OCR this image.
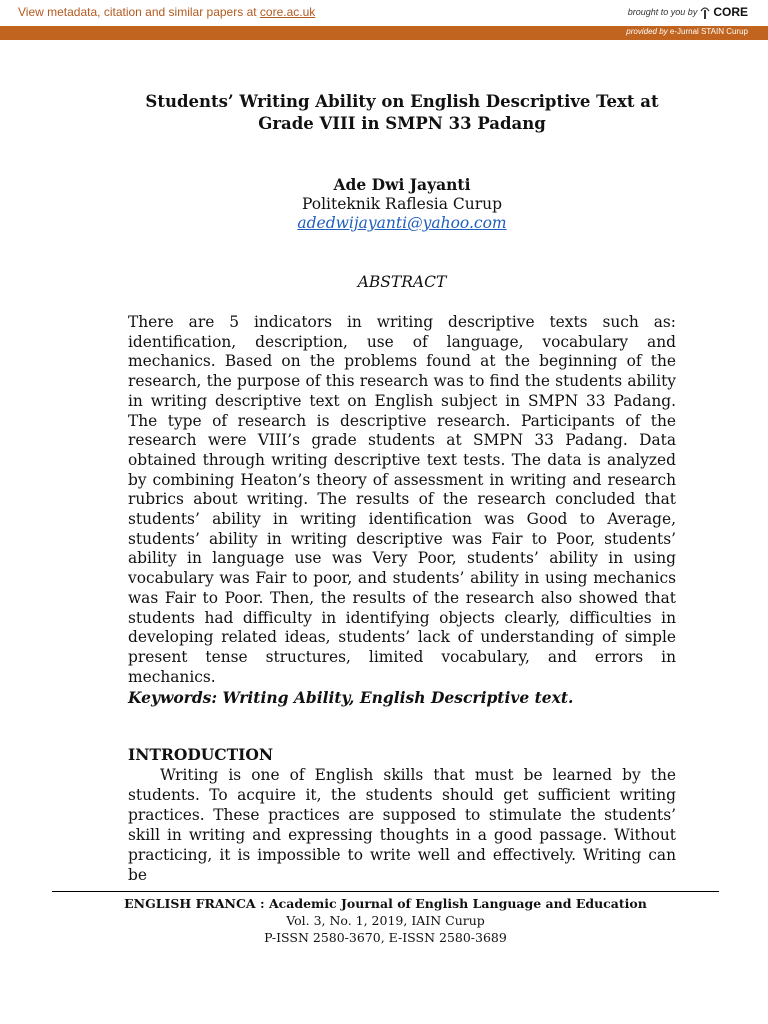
View metadata, citation and similar papers at core.ac.uk	brought to you by CORE
provided by e-Jurnal STAIN Curup
Students’ Writing Ability on English Descriptive Text at Grade VIII in SMPN 33 Padang
Ade Dwi Jayanti
Politeknik Raflesia Curup
adedwijayanti@yahoo.com
ABSTRACT

There are 5 indicators in writing descriptive texts such as: identification, description, use of language, vocabulary and mechanics. Based on the problems found at the beginning of the research, the purpose of this research was to find the students ability in writing descriptive text on English subject in SMPN 33 Padang. The type of research is descriptive research. Participants of the research were VIII’s grade students at SMPN 33 Padang. Data obtained through writing descriptive text tests. The data is analyzed by combining Heaton’s theory of assessment in writing and research rubrics about writing. The results of the research concluded that students’ ability in writing identification was Good to Average, students’ ability in writing descriptive was Fair to Poor, students’ ability in language use was Very Poor, students’ ability in using vocabulary was Fair to poor, and students’ ability in using mechanics was Fair to Poor. Then, the results of the research also showed that students had difficulty in identifying objects clearly, difficulties in developing related ideas, students’ lack of understanding of simple present tense structures, limited vocabulary, and errors in mechanics.

Keywords: Writing Ability, English Descriptive text.
INTRODUCTION

Writing is one of English skills that must be learned by the students. To acquire it, the students should get sufficient writing practices. These practices are supposed to stimulate the students’ skill in writing and expressing thoughts in a good passage. Without practicing, it is impossible to write well and effectively. Writing can be

ENGLISH FRANCA : Academic Journal of English Language and Education
Vol. 3, No. 1, 2019, IAIN Curup
P-ISSN 2580-3670, E-ISSN 2580-3689
